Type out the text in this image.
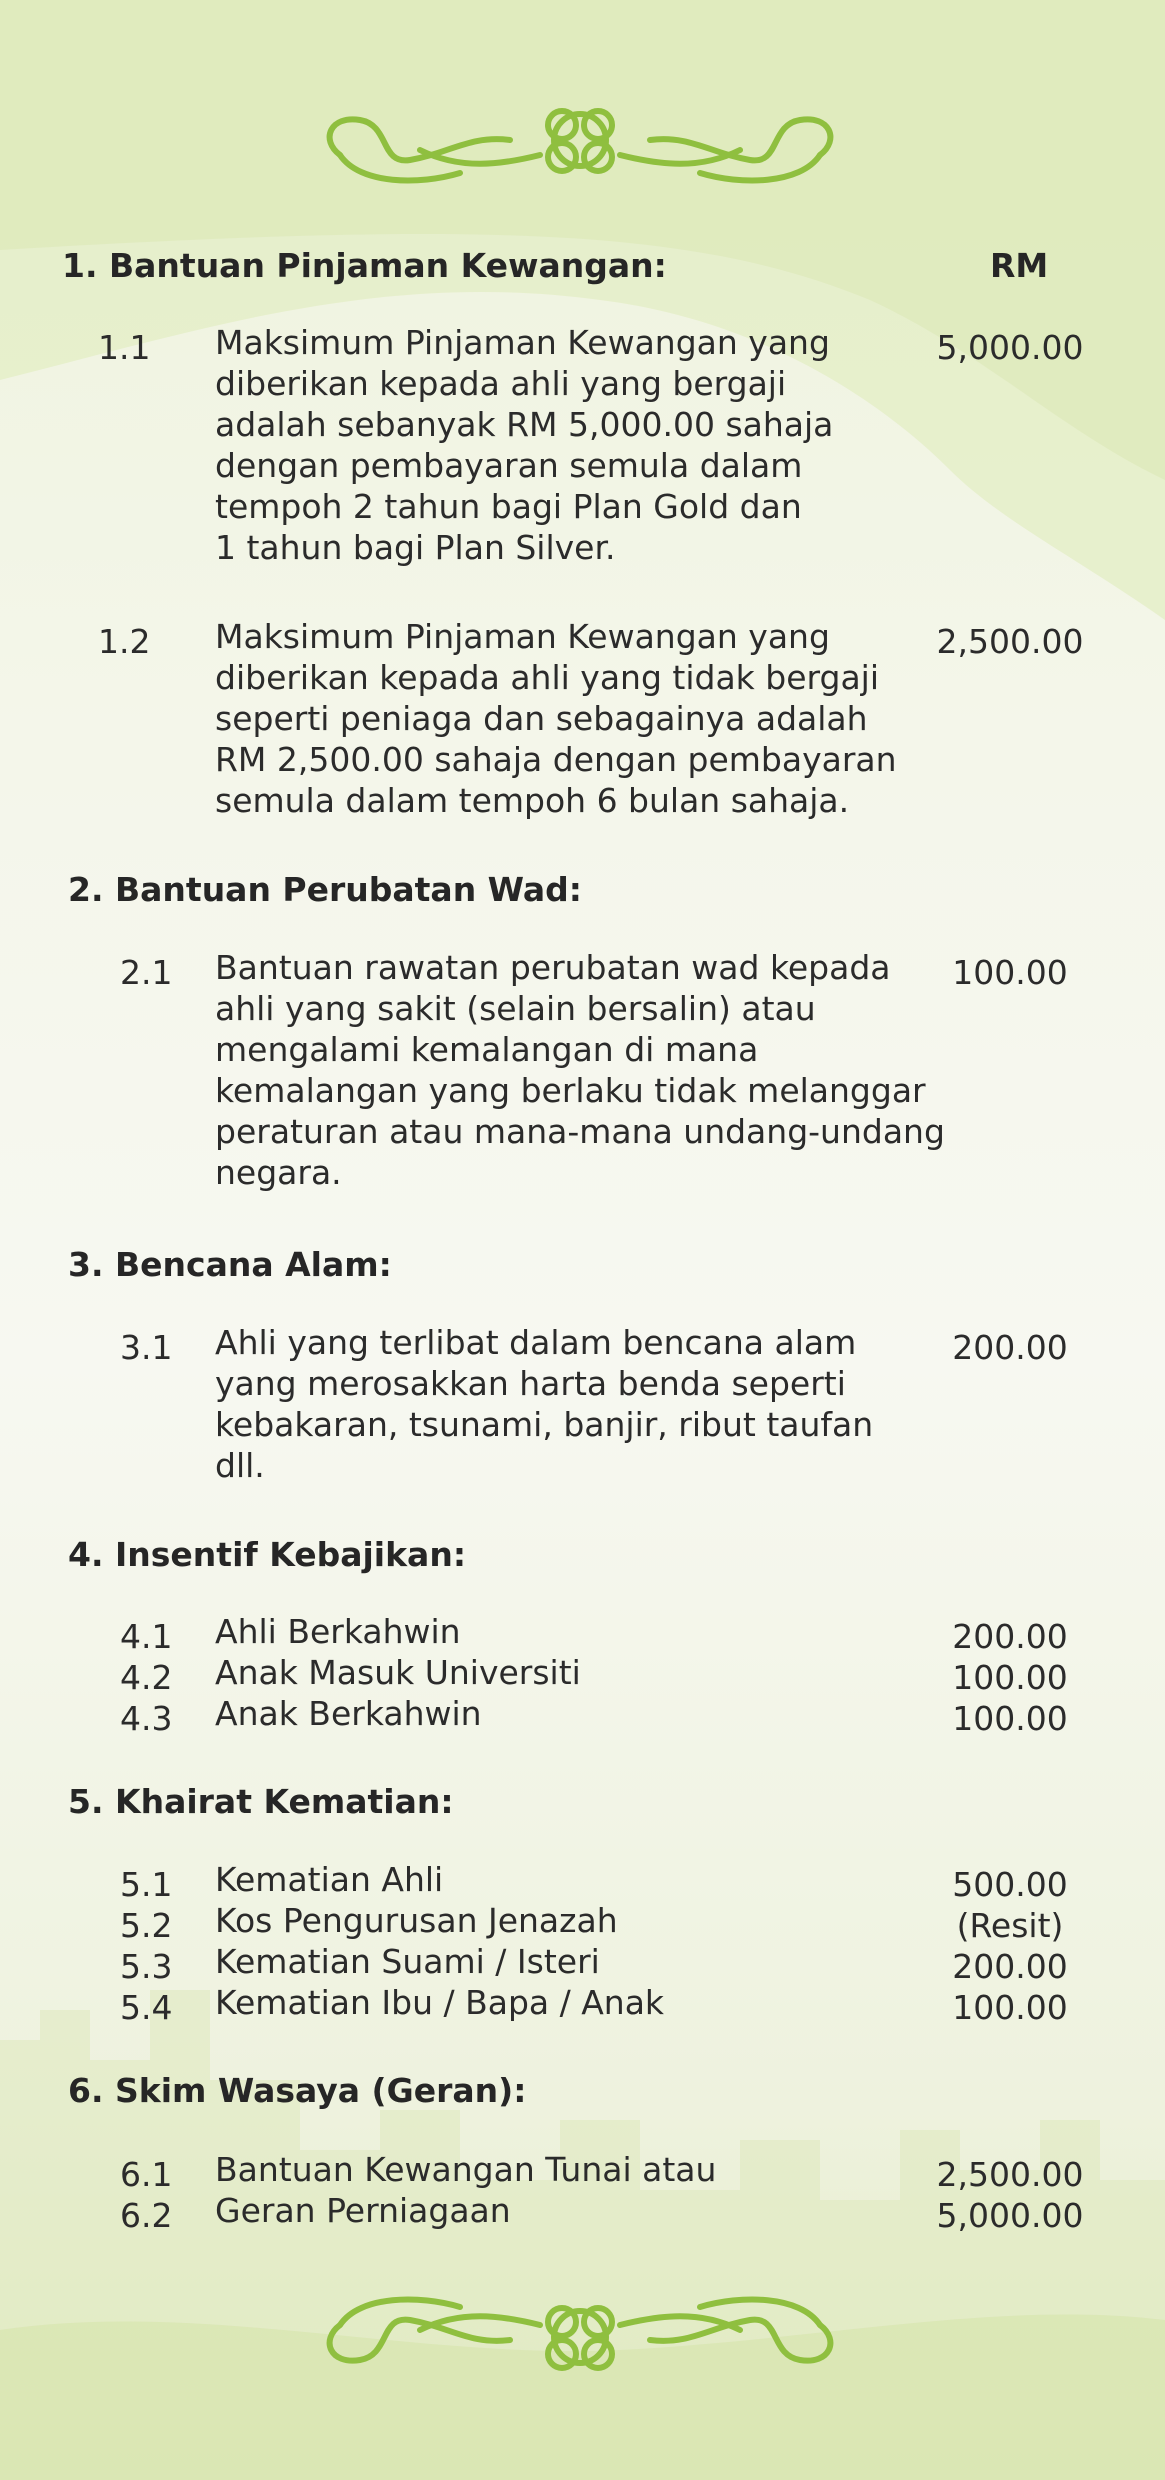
1. Bantuan Pinjaman Kewangan:	RM
1.1 Maksimum Pinjaman Kewangan yang
diberikan kepada ahli yang bergaji
adalah sebanyak RM 5,000.00 sahaja
dengan pembayaran semula dalam
tempoh 2 tahun bagi Plan Gold dan
1 tahun bagi Plan Silver.
5,000.00
1.2 Maksimum Pinjaman Kewangan yang
diberikan kepada ahli yang tidak bergaji
seperti peniaga dan sebagainya adalah
RM 2,500.00 sahaja dengan pembayaran
semula dalam tempoh 6 bulan sahaja.
2,500.00
2. Bantuan Perubatan Wad:
2.1 Bantuan rawatan perubatan wad kepada
ahli yang sakit (selain bersalin) atau
mengalami kemalangan di mana
kemalangan yang berlaku tidak melanggar
peraturan atau mana-mana undang-undang
negara.
100.00
3. Bencana Alam:
3.1 Ahli yang terlibat dalam bencana alam
yang merosakkan harta benda seperti
kebakaran, tsunami, banjir, ribut taufan
dll.
200.00
4. Insentif Kebajikan:
4.1 Ahli Berkahwin	200.00
4.2 Anak Masuk Universiti	100.00
4.3 Anak Berkahwin	100.00
5. Khairat Kematian:
5.1 Kematian Ahli	500.00
5.2 Kos Pengurusan Jenazah	(Resit)
5.3 Kematian Suami / Isteri	200.00
5.4 Kematian Ibu / Bapa / Anak	100.00
6. Skim Wasaya (Geran):
6.1 Bantuan Kewangan Tunai atau	2,500.00
6.2 Geran Perniagaan	5,000.00
